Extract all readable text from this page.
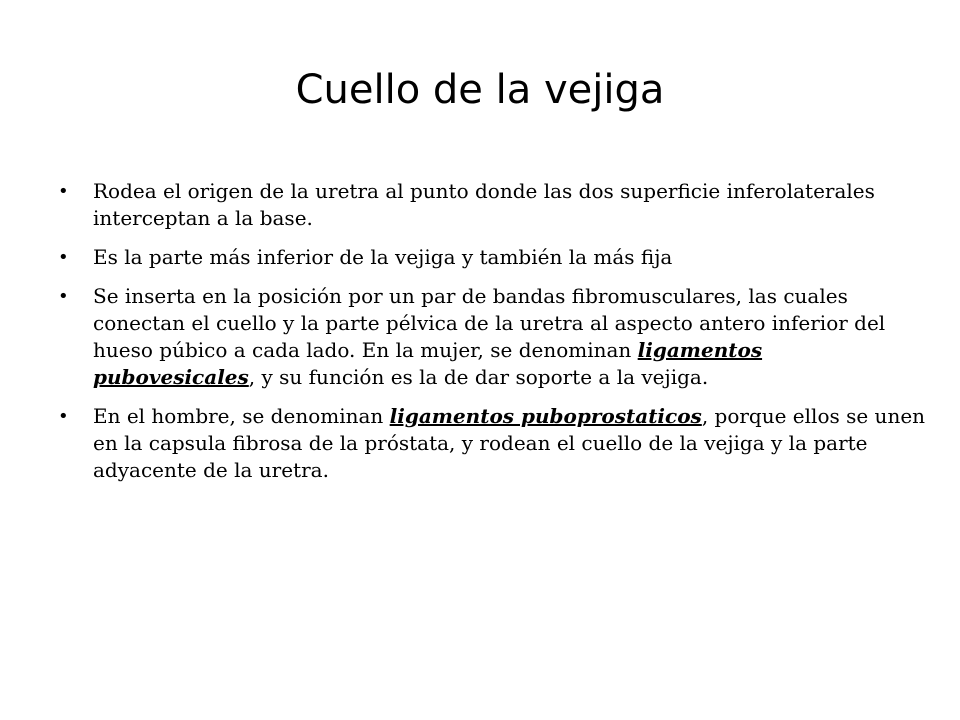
Cuello de la vejiga
• Rodea el origen de la uretra al punto donde las dos superficie inferolaterales interceptan a la base.
• Es la parte más inferior de la vejiga y también la más fija
• Se inserta en la posición por un par de bandas fibromusculares, las cuales conectan el cuello y la parte pélvica de la uretra al aspecto antero inferior del hueso púbico a cada lado. En la mujer, se denominan ligamentos pubovesicales, y su función es la de dar soporte a la vejiga.
• En el hombre, se denominan ligamentos puboprostaticos, porque ellos se unen en la capsula fibrosa de la próstata, y rodean el cuello de la vejiga y la parte adyacente de la uretra.
